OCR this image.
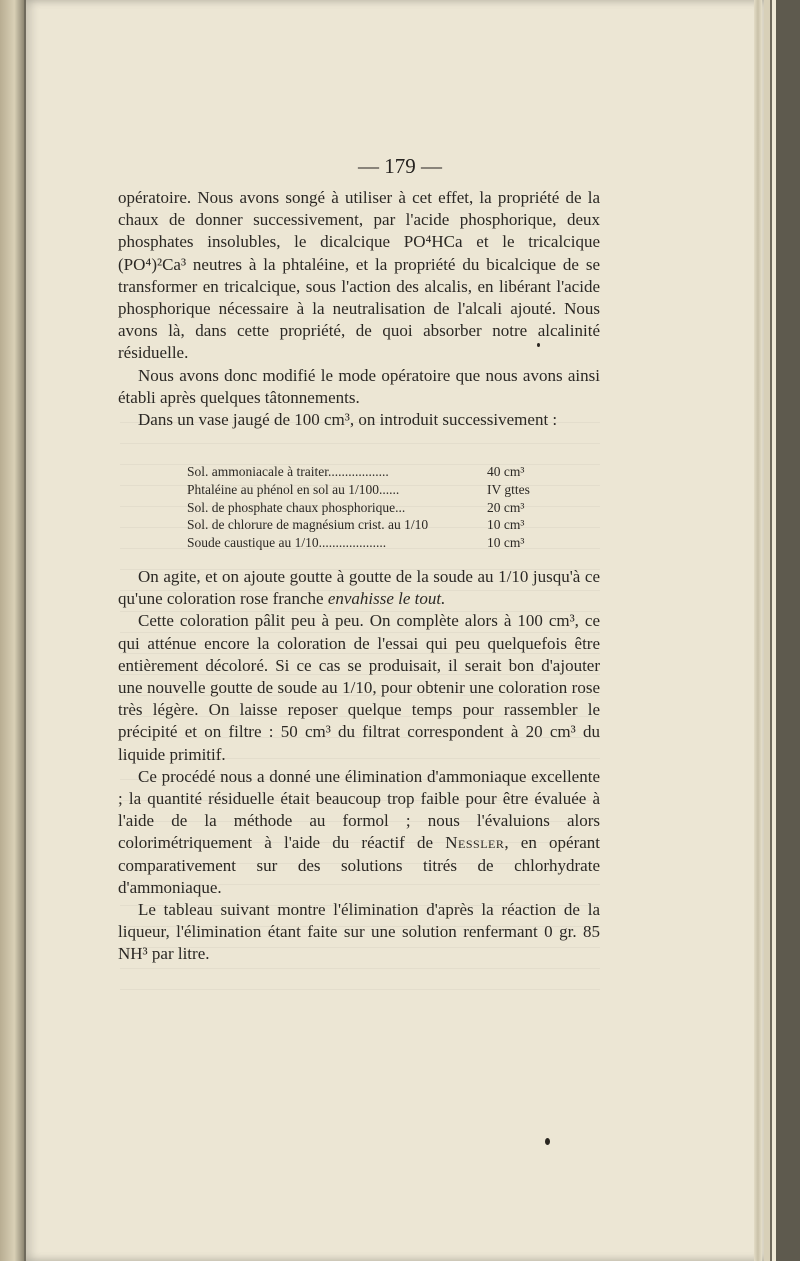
— 179 —

opératoire. Nous avons songé à utiliser à cet effet, la propriété de la chaux de donner successivement, par l'acide phosphorique, deux phosphates insolubles, le dicalcique PO⁴HCa et le tricalcique (PO⁴)²Ca³ neutres à la phtaléine, et la propriété du bicalcique de se transformer en tricalcique, sous l'action des alcalis, en libérant l'acide phosphorique nécessaire à la neutralisation de l'alcali ajouté. Nous avons là, dans cette propriété, de quoi absorber notre alcalinité résiduelle.

Nous avons donc modifié le mode opératoire que nous avons ainsi établi après quelques tâtonnements.

Dans un vase jaugé de 100 cm³, on introduit successivement :

Sol. ammoniacale à traiter..................	40 cm³
Phtaléine au phénol en sol au 1/100......	IV gttes
Sol. de phosphate chaux phosphorique...	20 cm³
Sol. de chlorure de magnésium crist. au 1/10	10 cm³
Soude caustique au 1/10....................	10 cm³

On agite, et on ajoute goutte à goutte de la soude au 1/10 jusqu'à ce qu'une coloration rose franche envahisse le tout.

Cette coloration pâlit peu à peu. On complète alors à 100 cm³, ce qui atténue encore la coloration de l'essai qui peu quelquefois être entièrement décoloré. Si ce cas se produisait, il serait bon d'ajouter une nouvelle goutte de soude au 1/10, pour obtenir une coloration rose très légère. On laisse reposer quelque temps pour rassembler le précipité et on filtre : 50 cm³ du filtrat correspondent à 20 cm³ du liquide primitif.

Ce procédé nous a donné une élimination d'ammoniaque excellente ; la quantité résiduelle était beaucoup trop faible pour être évaluée à l'aide de la méthode au formol ; nous l'évaluions alors colorimétriquement à l'aide du réactif de Nessler, en opérant comparativement sur des solutions titrés de chlorhydrate d'ammoniaque.

Le tableau suivant montre l'élimination d'après la réaction de la liqueur, l'élimination étant faite sur une solution renfermant 0 gr. 85 NH³ par litre.
